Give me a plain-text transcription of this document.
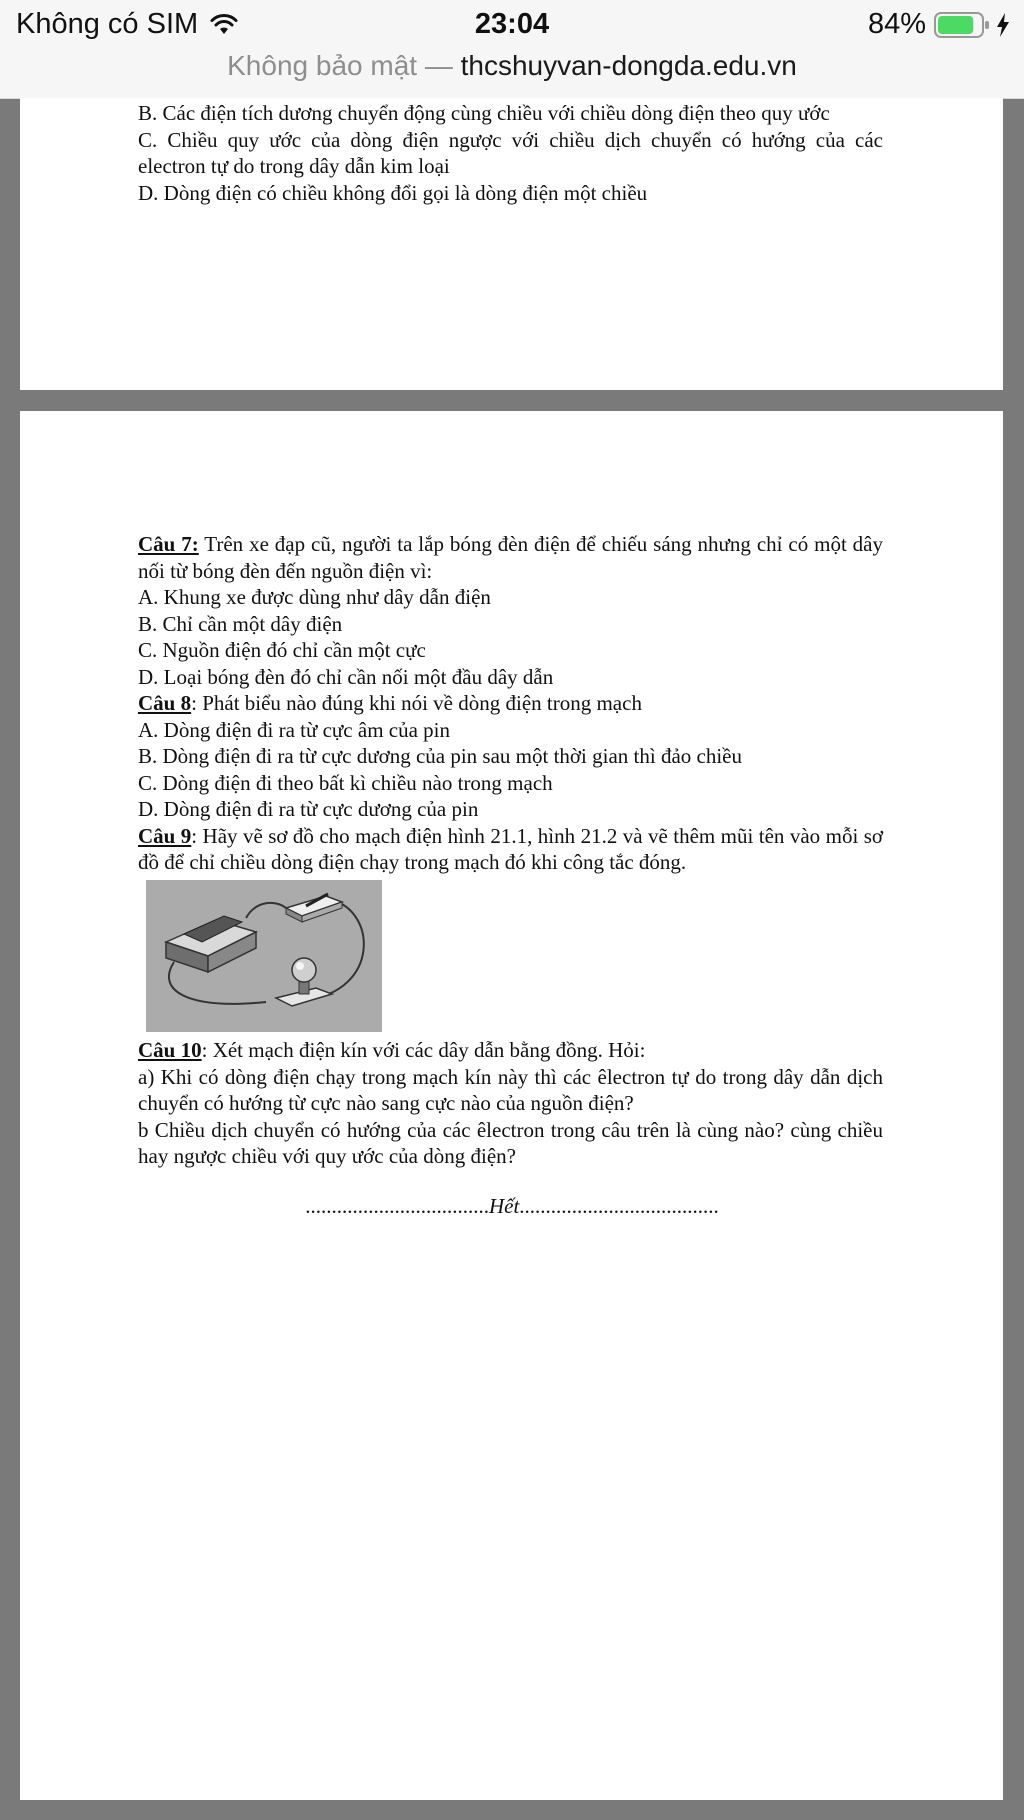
Không có SIM	23:04	84%
Không bảo mật — thcshuyvan-dongda.edu.vn

B. Các điện tích dương chuyển động cùng chiều với chiều dòng điện theo quy ước

C. Chiều quy ước của dòng điện ngược với chiều dịch chuyển có hướng của các electron tự do trong dây dẫn kim loại

D. Dòng điện có chiều không đổi gọi là dòng điện một chiều

Câu 7: Trên xe đạp cũ, người ta lắp bóng đèn điện để chiếu sáng nhưng chỉ có một dây nối từ bóng đèn đến nguồn điện vì:

A. Khung xe được dùng như dây dẫn điện

B. Chỉ cần một dây điện

C. Nguồn điện đó chỉ cần một cực

D. Loại bóng đèn đó chỉ cần nối một đầu dây dẫn

Câu 8: Phát biểu nào đúng khi nói về dòng điện trong mạch

A. Dòng điện đi ra từ cực âm của pin

B. Dòng điện đi ra từ cực dương của pin sau một thời gian thì đảo chiều

C. Dòng điện đi theo bất kì chiều nào trong mạch

D. Dòng điện đi ra từ cực dương của pin

Câu 9: Hãy vẽ sơ đồ cho mạch điện hình 21.1, hình 21.2 và vẽ thêm mũi tên vào mỗi sơ đồ để chỉ chiều dòng điện chạy trong mạch đó khi công tắc đóng.

Câu 10: Xét mạch điện kín với các dây dẫn bằng đồng. Hỏi:

a) Khi có dòng điện chạy trong mạch kín này thì các êlectron tự do trong dây dẫn dịch chuyển có hướng từ cực nào sang cực nào của nguồn điện?

b Chiều dịch chuyển có hướng của các êlectron trong câu trên là cùng nào? cùng chiều hay ngược chiều với quy ước của dòng điện?

...................................Hết......................................
